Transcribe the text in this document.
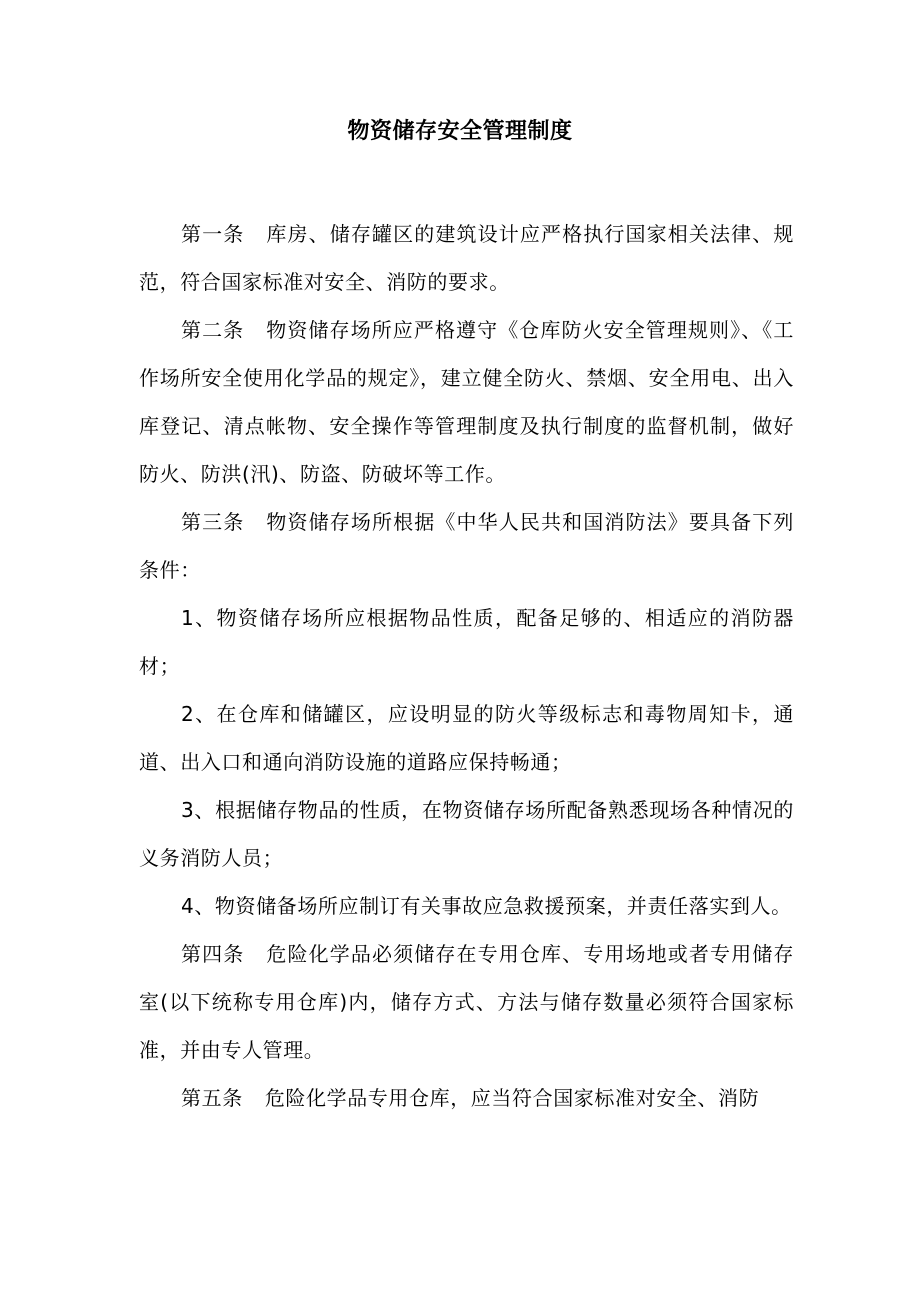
物资储存安全管理制度

第一条 库房、储存罐区的建筑设计应严格执行国家相关法律、规范，符合国家标准对安全、消防的要求。

第二条 物资储存场所应严格遵守《仓库防火安全管理规则》、《工作场所安全使用化学品的规定》，建立健全防火、禁烟、安全用电、出入库登记、清点帐物、安全操作等管理制度及执行制度的监督机制，做好防火、防洪(汛)、防盗、防破坏等工作。

第三条 物资储存场所根据《中华人民共和国消防法》要具备下列条件：

1、物资储存场所应根据物品性质，配备足够的、相适应的消防器材；

2、在仓库和储罐区，应设明显的防火等级标志和毒物周知卡，通道、出入口和通向消防设施的道路应保持畅通；

3、根据储存物品的性质，在物资储存场所配备熟悉现场各种情况的义务消防人员；

4、物资储备场所应制订有关事故应急救援预案，并责任落实到人。

第四条 危险化学品必须储存在专用仓库、专用场地或者专用储存室(以下统称专用仓库)内，储存方式、方法与储存数量必须符合国家标准，并由专人管理。

第五条 危险化学品专用仓库，应当符合国家标准对安全、消防
